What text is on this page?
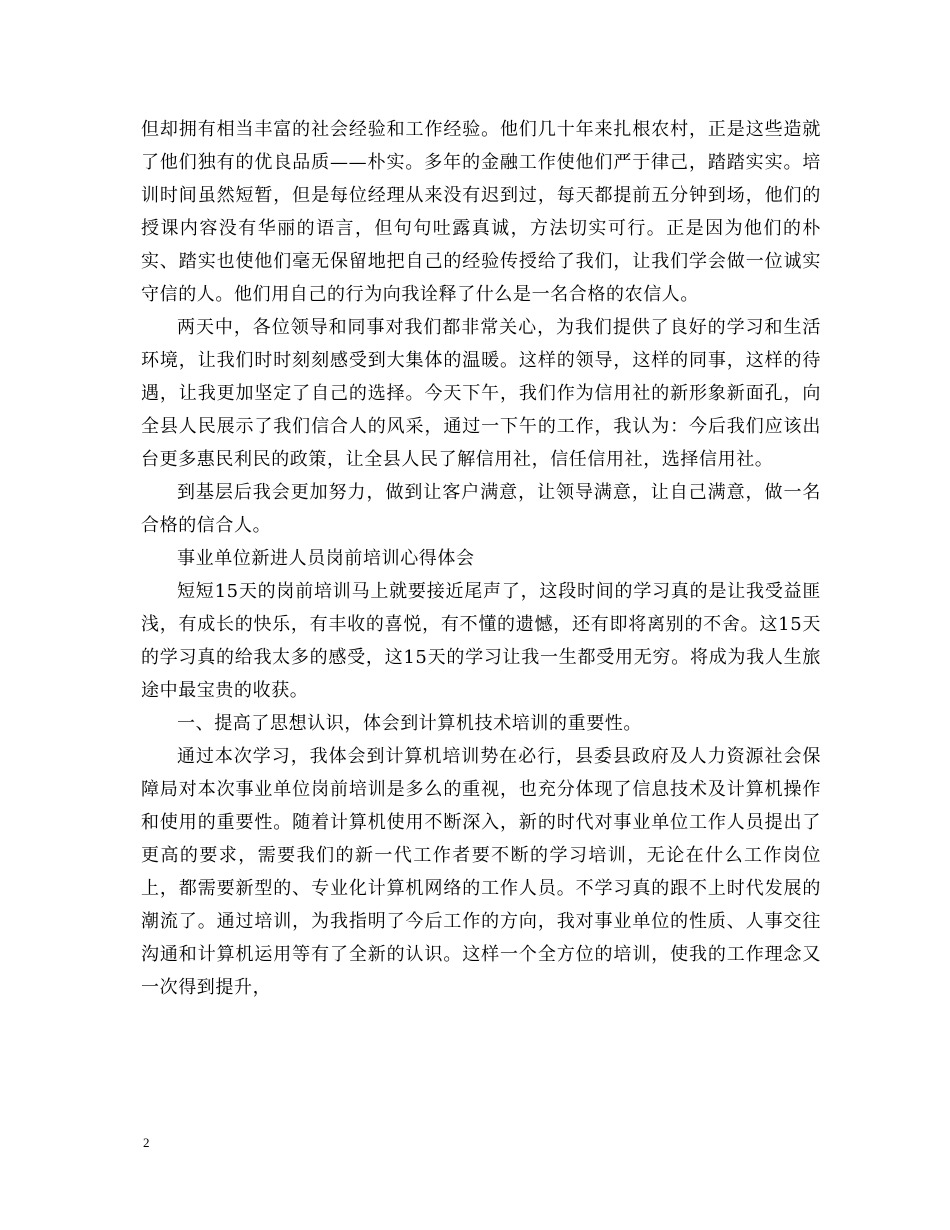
但却拥有相当丰富的社会经验和工作经验。他们几十年来扎根农村，正是这些造就了他们独有的优良品质——朴实。多年的金融工作使他们严于律己，踏踏实实。培训时间虽然短暂，但是每位经理从来没有迟到过，每天都提前五分钟到场，他们的授课内容没有华丽的语言，但句句吐露真诚，方法切实可行。正是因为他们的朴实、踏实也使他们毫无保留地把自己的经验传授给了我们，让我们学会做一位诚实守信的人。他们用自己的行为向我诠释了什么是一名合格的农信人。

两天中，各位领导和同事对我们都非常关心，为我们提供了良好的学习和生活环境，让我们时时刻刻感受到大集体的温暖。这样的领导，这样的同事，这样的待遇，让我更加坚定了自己的选择。今天下午，我们作为信用社的新形象新面孔，向全县人民展示了我们信合人的风采，通过一下午的工作，我认为：今后我们应该出台更多惠民利民的政策，让全县人民了解信用社，信任信用社，选择信用社。

到基层后我会更加努力，做到让客户满意，让领导满意，让自己满意，做一名合格的信合人。

事业单位新进人员岗前培训心得体会

短短15天的岗前培训马上就要接近尾声了，这段时间的学习真的是让我受益匪浅，有成长的快乐，有丰收的喜悦，有不懂的遗憾，还有即将离别的不舍。这15天的学习真的给我太多的感受，这15天的学习让我一生都受用无穷。将成为我人生旅途中最宝贵的收获。

一、提高了思想认识，体会到计算机技术培训的重要性。

通过本次学习，我体会到计算机培训势在必行，县委县政府及人力资源社会保障局对本次事业单位岗前培训是多么的重视，也充分体现了信息技术及计算机操作和使用的重要性。随着计算机使用不断深入，新的时代对事业单位工作人员提出了更高的要求，需要我们的新一代工作者要不断的学习培训，无论在什么工作岗位上，都需要新型的、专业化计算机网络的工作人员。不学习真的跟不上时代发展的潮流了。通过培训，为我指明了今后工作的方向，我对事业单位的性质、人事交往沟通和计算机运用等有了全新的认识。这样一个全方位的培训，使我的工作理念又一次得到提升，

2
